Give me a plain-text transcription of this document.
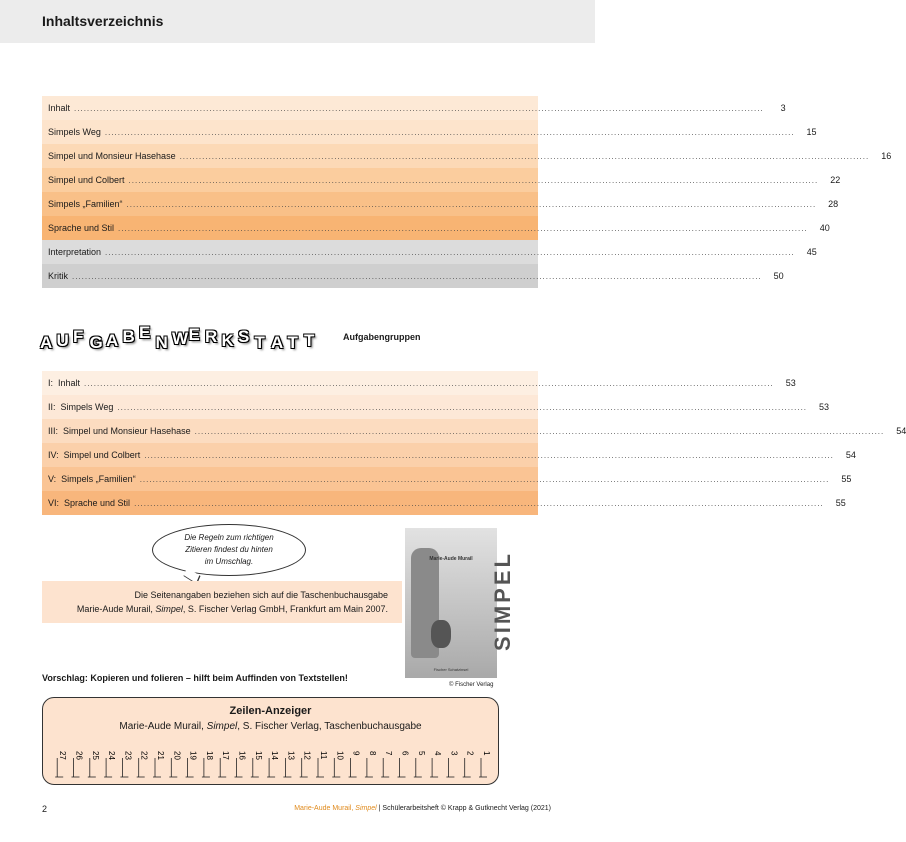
Inhaltsverzeichnis
Inhalt .....	3
Simpels Weg .....	15
Simpel und Monsieur Hasehase .....	16
Simpel und Colbert .....	22
Simpels „Familien“ .....	28
Sprache und Stil .....	40
Interpretation .....	45
Kritik .....	50
A U F G A B E
N W E R K S T A T T	Aufgabengruppen
I: Inhalt .....	53
II: Simpels Weg .....	53
III: Simpel und Monsieur Hasehase .....	54
IV: Simpel und Colbert .....	54
V: Simpels „Familien“ .....	55
VI: Sprache und Stil .....	55
Die Regeln zum richtigen
Zitieren findest du hinten
im Umschlag.
Die Seitenangaben beziehen sich auf die Taschenbuchausgabe
Marie-Aude Murail, Simpel, S. Fischer Verlag GmbH, Frankfurt am Main 2007.
Marie-Aude Murail SIMPEL
Fischer Schatzinsel
© Fischer Verlag
Vorschlag: Kopieren und folieren – hilft beim Auffinden von Textstellen!
Zeilen-Anzeiger
Marie-Aude Murail, Simpel, S. Fischer Verlag, Taschenbuchausgabe
1
2
3
4
5
6
7
8
9
10
11
12
13
14
15
16
17
18
19
20
21
22
23
24
25
26
27
2	Marie-Aude Murail, Simpel | Schülerarbeitsheft © Krapp & Gutknecht Verlag (2021)
